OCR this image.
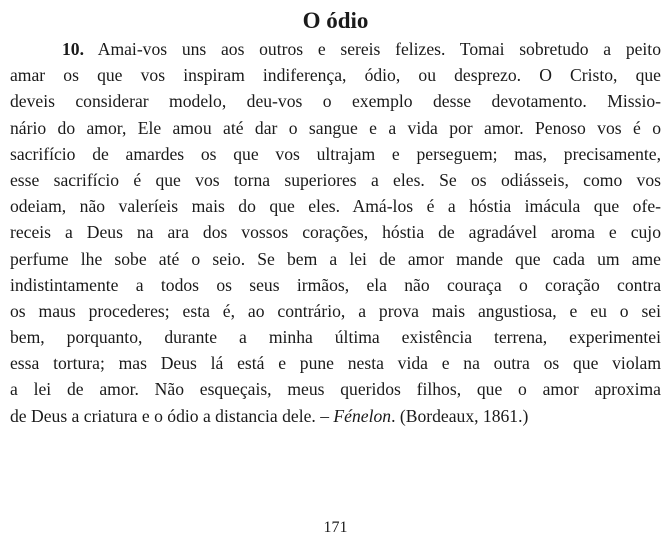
O ódio

10. Amai-vos uns aos outros e sereis felizes. Tomai sobretudo a peito
amar os que vos inspiram indiferença, ódio, ou desprezo. O Cristo, que
deveis considerar modelo, deu-vos o exemplo desse devotamento. Missio-
nário do amor, Ele amou até dar o sangue e a vida por amor. Penoso vos é o
sacrifício de amardes os que vos ultrajam e perseguem; mas, precisamente,
esse sacrifício é que vos torna superiores a eles. Se os odiásseis, como vos
odeiam, não valeríeis mais do que eles. Amá-los é a hóstia imácula que ofe-
receis a Deus na ara dos vossos corações, hóstia de agradável aroma e cujo
perfume lhe sobe até o seio. Se bem a lei de amor mande que cada um ame
indistintamente a todos os seus irmãos, ela não couraça o coração contra
os maus procederes; esta é, ao contrário, a prova mais angustiosa, e eu o sei
bem, porquanto, durante a minha última existência terrena, experimentei
essa tortura; mas Deus lá está e pune nesta vida e na outra os que violam
a lei de amor. Não esqueçais, meus queridos filhos, que o amor aproxima
de Deus a criatura e o ódio a distancia dele. – Fénelon. (Bordeaux, 1861.)

171
